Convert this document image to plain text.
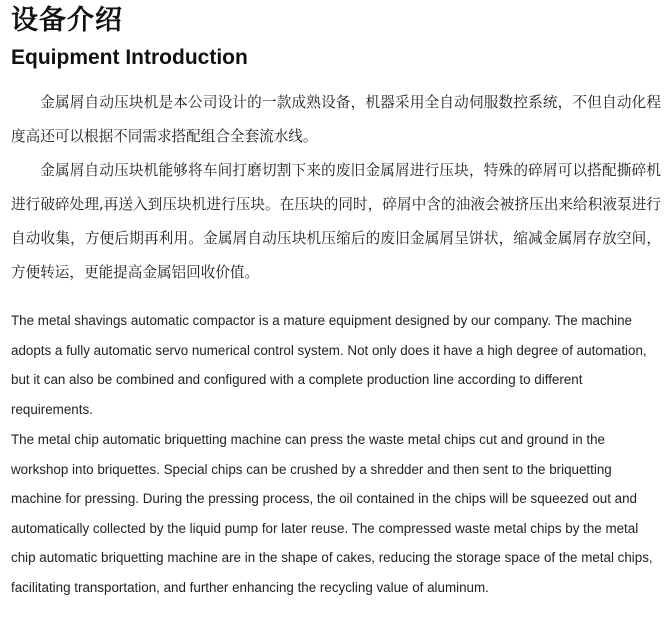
设备介绍
Equipment Introduction

金属屑自动压块机是本公司设计的一款成熟设备，机器采用全自动伺服数控系统，不但自动化程度高还可以根据不同需求搭配组合全套流水线。

金属屑自动压块机能够将车间打磨切割下来的废旧金属屑进行压块，特殊的碎屑可以搭配撕碎机进行破碎处理,再送入到压块机进行压块。在压块的同时，碎屑中含的油液会被挤压出来给积液泵进行自动收集，方便后期再利用。金属屑自动压块机压缩后的废旧金属屑呈饼状，缩减金属屑存放空间，方便转运，更能提高金属铝回收价值。

The metal shavings automatic compactor is a mature equipment designed by our company. The machine adopts a fully automatic servo numerical control system. Not only does it have a high degree of automation, but it can also be combined and configured with a complete production line according to different requirements.

The metal chip automatic briquetting machine can press the waste metal chips cut and ground in the workshop into briquettes. Special chips can be crushed by a shredder and then sent to the briquetting machine for pressing. During the pressing process, the oil contained in the chips will be squeezed out and automatically collected by the liquid pump for later reuse. The compressed waste metal chips by the metal chip automatic briquetting machine are in the shape of cakes, reducing the storage space of the metal chips, facilitating transportation, and further enhancing the recycling value of aluminum.
